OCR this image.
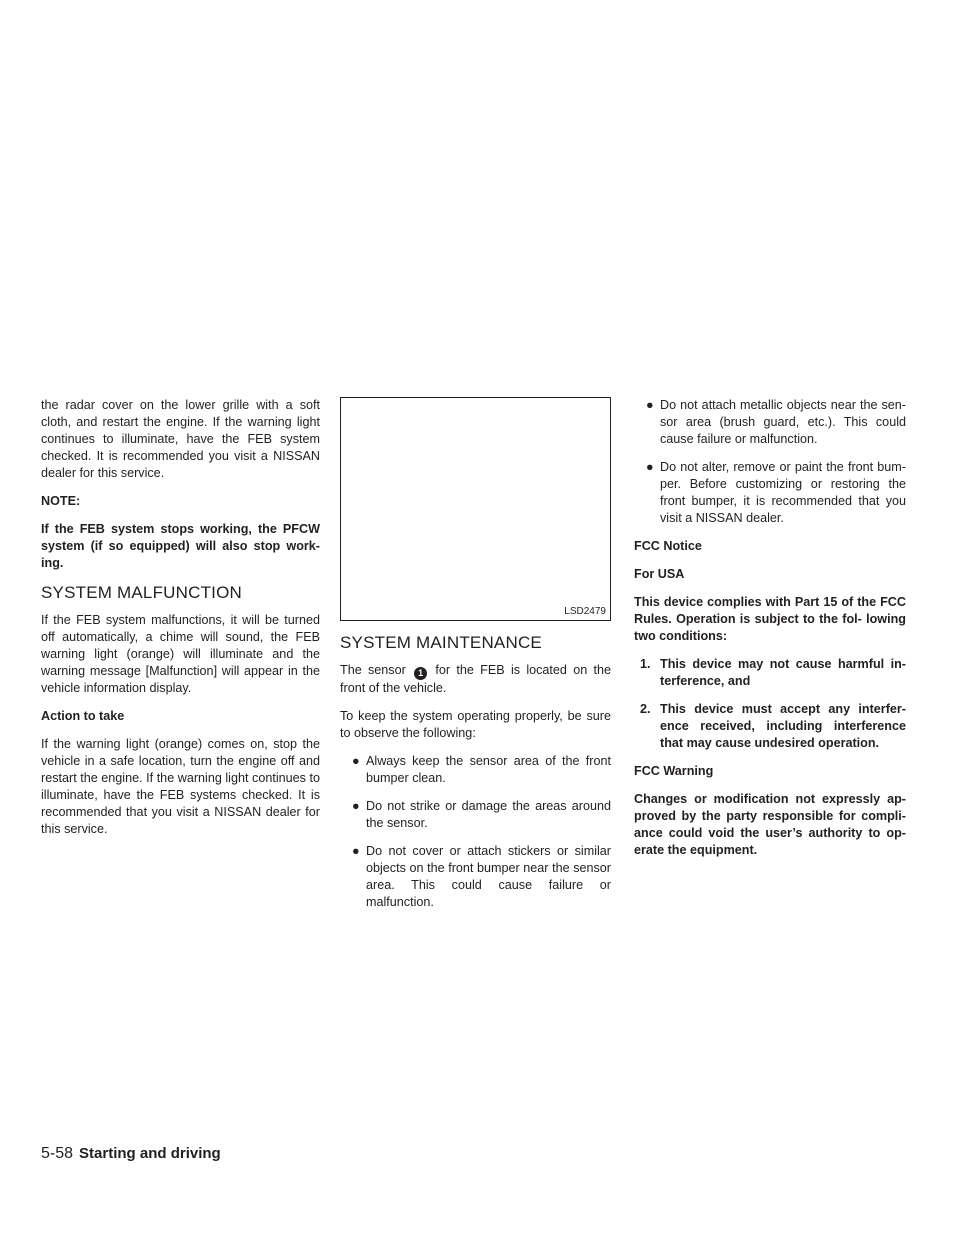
the radar cover on the lower grille with a soft cloth, and restart the engine. If the warning light continues to illuminate, have the FEB system checked. It is recommended you visit a NISSAN dealer for this service.

NOTE:

If the FEB system stops working, the PFCW system (if so equipped) will also stop work- ing.

SYSTEM MALFUNCTION

If the FEB system malfunctions, it will be turned off automatically, a chime will sound, the FEB warning light (orange) will illuminate and the warning message [Malfunction] will appear in the vehicle information display.

Action to take

If the warning light (orange) comes on, stop the vehicle in a safe location, turn the engine off and restart the engine. If the warning light continues to illuminate, have the FEB systems checked. It is recommended that you visit a NISSAN dealer for this service.

LSD2479
SYSTEM MAINTENANCE

The sensor 1 for the FEB is located on the front of the vehicle.

To keep the system operating properly, be sure to observe the following:

● Always keep the sensor area of the front bumper clean.
● Do not strike or damage the areas around the sensor.
● Do not cover or attach stickers or similar objects on the front bumper near the sensor area. This could cause failure or malfunction.
● Do not attach metallic objects near the sen- sor area (brush guard, etc.). This could cause failure or malfunction.
● Do not alter, remove or paint the front bum- per. Before customizing or restoring the front bumper, it is recommended that you visit a NISSAN dealer.

FCC Notice

For USA

This device complies with Part 15 of the FCC Rules. Operation is subject to the fol- lowing two conditions:

1. This device may not cause harmful in- terference, and
2. This device must accept any interfer- ence received, including interference that may cause undesired operation.

FCC Warning

Changes or modification not expressly ap- proved by the party responsible for compli- ance could void the user’s authority to op- erate the equipment.

5-58 Starting and driving
